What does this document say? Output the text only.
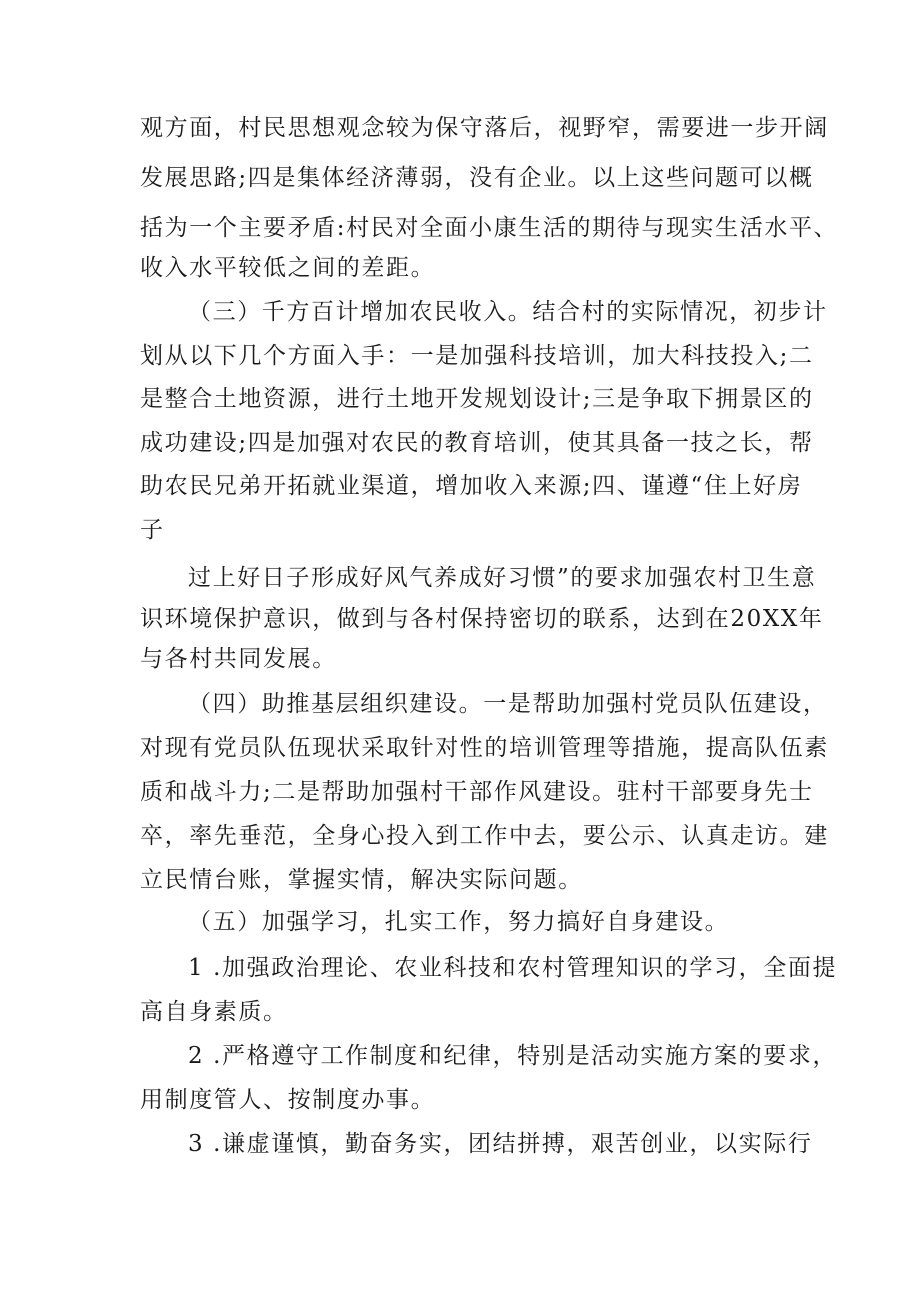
观方面，村民思想观念较为保守落后，视野窄，需要进一步开阔
发展思路;四是集体经济薄弱，没有企业。以上这些问题可以概
括为一个主要矛盾:村民对全面小康生活的期待与现实生活水平、
收入水平较低之间的差距。
（三）千方百计增加农民收入。结合村的实际情况，初步计
划从以下几个方面入手：一是加强科技培训，加大科技投入;二
是整合土地资源，进行土地开发规划设计;三是争取下拥景区的
成功建设;四是加强对农民的教育培训，使其具备一技之长，帮
助农民兄弟开拓就业渠道，增加收入来源;四、谨遵“住上好房
子
过上好日子形成好风气养成好习惯”的要求加强农村卫生意
识环境保护意识，做到与各村保持密切的联系，达到在20XX年
与各村共同发展。
（四）助推基层组织建设。一是帮助加强村党员队伍建设，
对现有党员队伍现状采取针对性的培训管理等措施，提高队伍素
质和战斗力;二是帮助加强村干部作风建设。驻村干部要身先士
卒，率先垂范，全身心投入到工作中去，要公示、认真走访。建
立民情台账，掌握实情，解决实际问题。
（五）加强学习，扎实工作，努力搞好自身建设。
1 .加强政治理论、农业科技和农村管理知识的学习，全面提
高自身素质。
2 .严格遵守工作制度和纪律，特别是活动实施方案的要求，
用制度管人、按制度办事。
3 .谦虚谨慎，勤奋务实，团结拼搏，艰苦创业，以实际行
